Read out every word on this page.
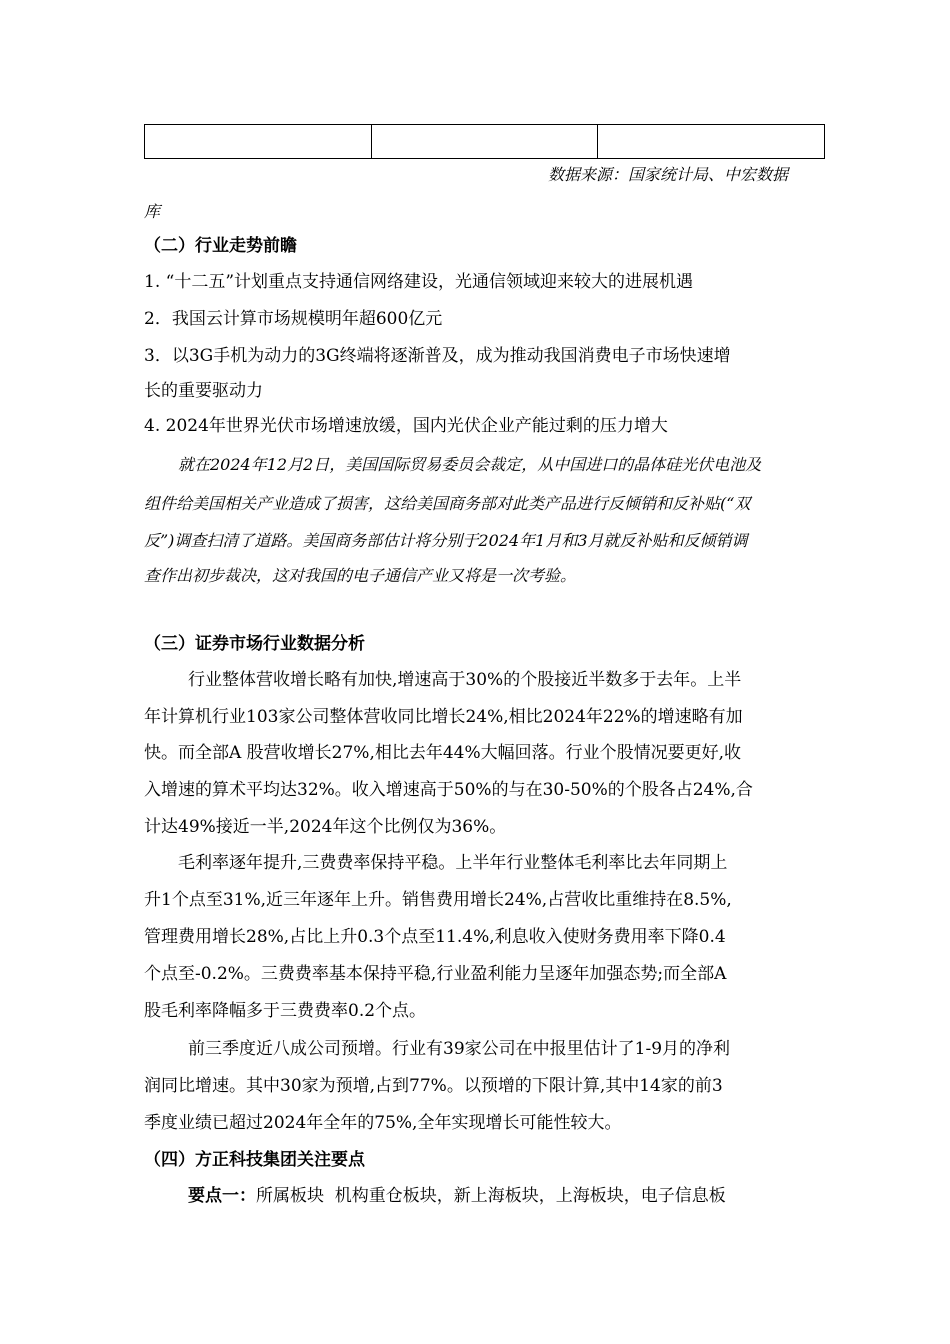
数据来源：国家统计局、中宏数据
库
（二）行业走势前瞻
1. “十二五”计划重点支持通信网络建设，光通信领域迎来较大的进展机遇
2．我国云计算市场规模明年超600亿元
3．以3G手机为动力的3G终端将逐渐普及，成为推动我国消费电子市场快速增
长的重要驱动力
4. 2024年世界光伏市场增速放缓，国内光伏企业产能过剩的压力增大
就在2024年12月2日，美国国际贸易委员会裁定，从中国进口的晶体硅光伏电池及
组件给美国相关产业造成了损害，这给美国商务部对此类产品进行反倾销和反补贴(“双
反”)调查扫清了道路。美国商务部估计将分别于2024年1月和3月就反补贴和反倾销调
查作出初步裁决，这对我国的电子通信产业又将是一次考验。
（三）证券市场行业数据分析
行业整体营收增长略有加快,增速高于30%的个股接近半数多于去年。上半
年计算机行业103家公司整体营收同比增长24%,相比2024年22%的增速略有加
快。而全部A 股营收增长27%,相比去年44%大幅回落。行业个股情况要更好,收
入增速的算术平均达32%。收入增速高于50%的与在30-50%的个股各占24%,合
计达49%接近一半,2024年这个比例仅为36%。
毛利率逐年提升,三费费率保持平稳。上半年行业整体毛利率比去年同期上
升1个点至31%,近三年逐年上升。销售费用增长24%,占营收比重维持在8.5%,
管理费用增长28%,占比上升0.3个点至11.4%,利息收入使财务费用率下降0.4
个点至-0.2%。三费费率基本保持平稳,行业盈利能力呈逐年加强态势;而全部A
股毛利率降幅多于三费费率0.2个点。
前三季度近八成公司预增。行业有39家公司在中报里估计了1-9月的净利
润同比增速。其中30家为预增,占到77%。以预增的下限计算,其中14家的前3
季度业绩已超过2024年全年的75%,全年实现增长可能性较大。
（四）方正科技集团关注要点
要点一：所属板块  机构重仓板块，新上海板块，上海板块，电子信息板
